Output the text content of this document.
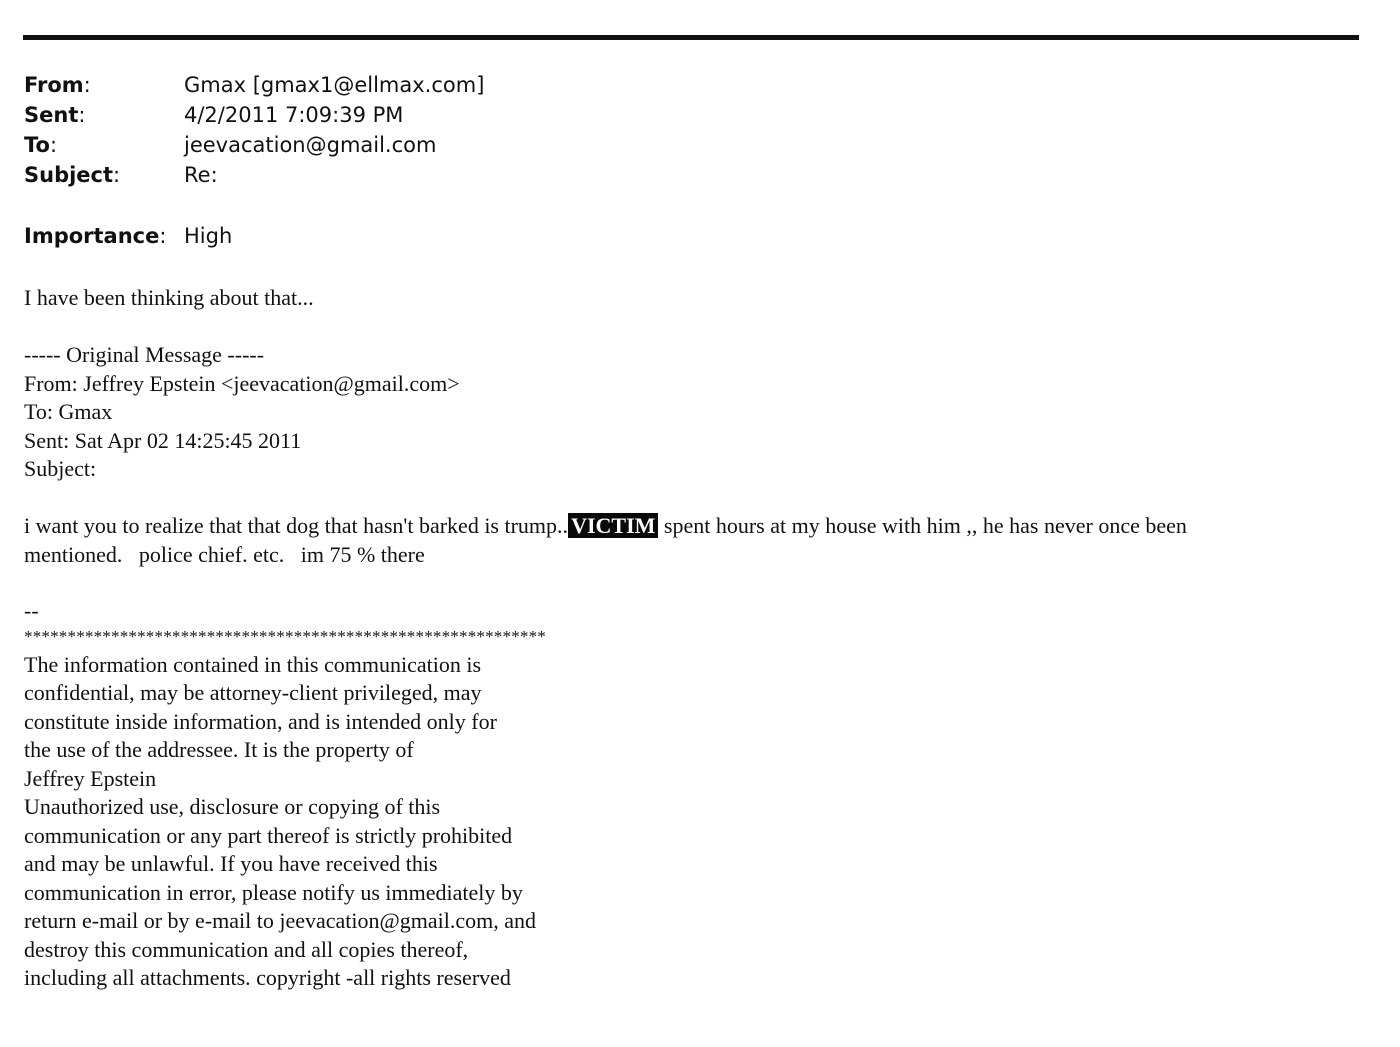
From:	Gmax [gmax1@ellmax.com]
Sent:	4/2/2011 7:09:39 PM
To:	jeevacation@gmail.com
Subject:	Re:
Importance: High
I have been thinking about that...
----- Original Message -----
From: Jeffrey Epstein <jeevacation@gmail.com>
To: Gmax
Sent: Sat Apr 02 14:25:45 2011
Subject:
i want you to realize that that dog that hasn't barked is trump.. VICTIM spent hours at my house with him ,, he has never once been
mentioned.   police chief. etc.   im 75 % there
--
************************************************************
The information contained in this communication is
confidential, may be attorney-client privileged, may
constitute inside information, and is intended only for
the use of the addressee. It is the property of
Jeffrey Epstein
Unauthorized use, disclosure or copying of this
communication or any part thereof is strictly prohibited
and may be unlawful. If you have received this
communication in error, please notify us immediately by
return e-mail or by e-mail to jeevacation@gmail.com, and
destroy this communication and all copies thereof,
including all attachments. copyright -all rights reserved
